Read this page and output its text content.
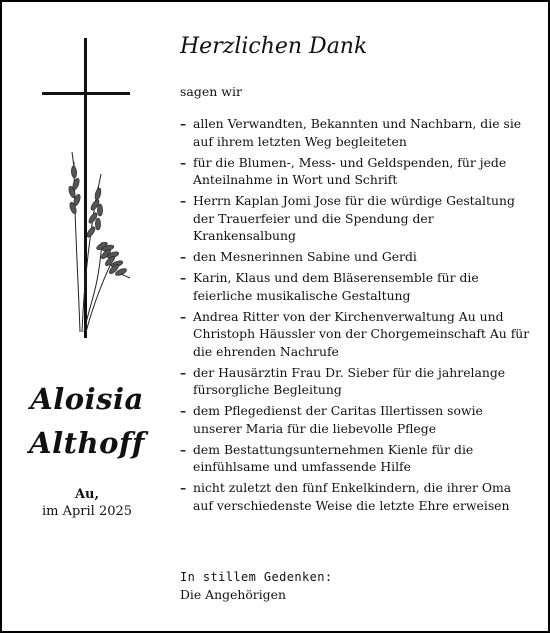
Aloisia
Althoff
Au,
im April 2025
Herzlichen Dank
sagen wir
– allen Verwandten, Bekannten und Nachbarn, die sie auf ihrem letzten Weg begleiteten
– für die Blumen-, Mess- und Geldspenden, für jede Anteilnahme in Wort und Schrift
– Herrn Kaplan Jomi Jose für die würdige Gestaltung der Trauerfeier und die Spendung der Krankensalbung
– den Mesnerinnen Sabine und Gerdi
– Karin, Klaus und dem Bläserensemble für die feierliche musikalische Gestaltung
– Andrea Ritter von der Kirchenverwaltung Au und Christoph Häussler von der Chorgemeinschaft Au für die ehrenden Nachrufe
– der Hausärztin Frau Dr. Sieber für die jahrelange fürsorgliche Begleitung
– dem Pflegedienst der Caritas Illertissen sowie unserer Maria für die liebevolle Pflege
– dem Bestattungsunternehmen Kienle für die einfühlsame und umfassende Hilfe
– nicht zuletzt den fünf Enkelkindern, die ihrer Oma auf verschiedenste Weise die letzte Ehre erweisen
In stillem Gedenken:
Die Angehörigen
